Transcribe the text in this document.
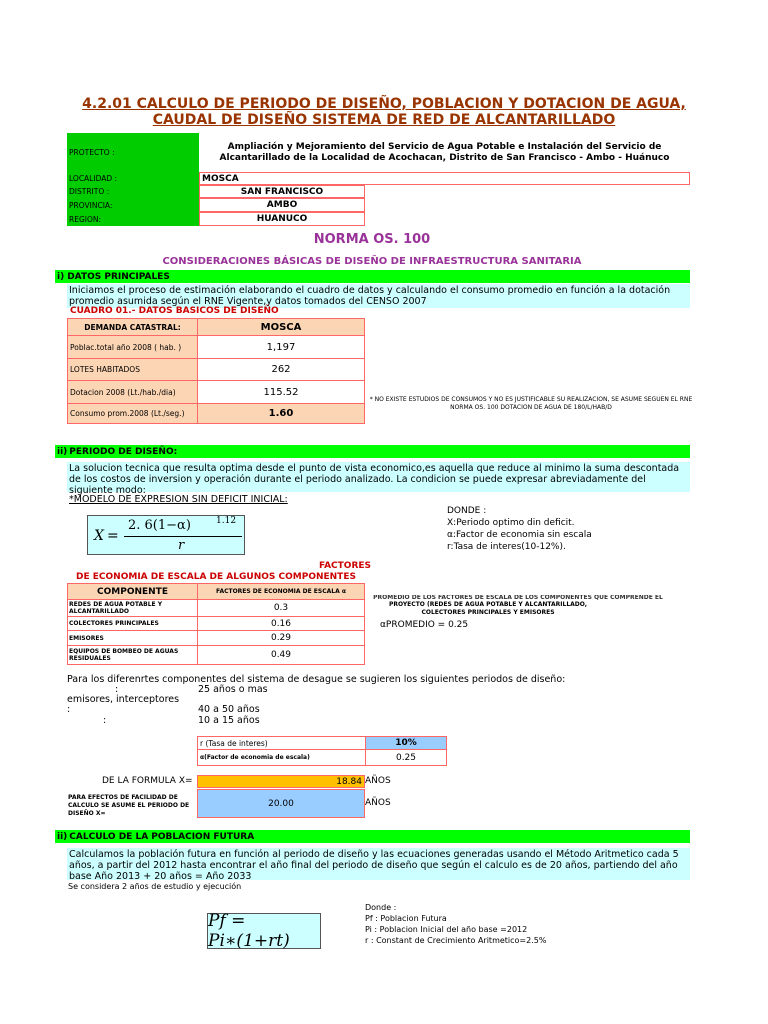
4.2.01 CALCULO DE PERIODO DE DISEÑO, POBLACION Y DOTACION DE AGUA,
CAUDAL DE DISEÑO SISTEMA DE RED DE ALCANTARILLADO
PROTECTO :
Ampliación y Mejoramiento del Servicio de Agua Potable e Instalación del Servicio de Alcantarillado de la Localidad de Acochacan, Distrito de San Francisco - Ambo - Huánuco
LOCALIDAD :	MOSCA
DISTRITO :	SAN FRANCISCO
PROVINCIA:	AMBO
REGION:	HUANUCO
NORMA OS. 100
CONSIDERACIONES BÁSICAS DE DISEÑO DE INFRAESTRUCTURA SANITARIA
i) DATOS PRINCIPALES
Iniciamos el proceso de estimación elaborando el cuadro de datos y calculando el consumo promedio en función a la dotación promedio asumida según el RNE Vigente,y datos tomados del CENSO 2007
CUADRO 01.- DATOS BASICOS DE DISEÑO
DEMANDA CATASTRAL:	MOSCA
Poblac.total año 2008 ( hab. )	1,197
LOTES HABITADOS	262
Dotacion 2008 (Lt./hab./dia)	115.52
Consumo prom.2008 (Lt./seg.)	1.60
* NO EXISTE ESTUDIOS DE CONSUMOS Y NO ES JUSTIFICABLE SU REALIZACION, SE ASUME SEGUEN EL RNE NORMA OS. 100 DOTACION DE AGUA DE 180/L/HAB/D
ii) PERIODO DE DISEÑO:
La solucion tecnica que resulta optima desde el punto de vista economico,es aquella que reduce al minimo la suma descontada de los costos de inversion y operación durante el periodo analizado. La condicion se puede expresar abreviadamente del siguiente modo:
*MODELO DE EXPRESION SIN DEFICIT INICIAL:
X =
2. 6(1−α)	1.12
r
DONDE :
X:Periodo optimo din deficit.
α:Factor de economia sin escala
r:Tasa de interes(10-12%).
FACTORES
DE ECONOMIA DE ESCALA DE ALGUNOS COMPONENTES
COMPONENTE	FACTORES DE ECONOMIA DE ESCALA α
REDES DE AGUA POTABLE Y ALCANTARILLADO	0.3
COLECTORES PRINCIPALES	0.16
EMISORES	0.29
EQUIPOS DE BOMBEO DE AGUAS RESIDUALES	0.49
PROMEDIO DE LOS FACTORES DE ESCALA DE LOS COMPONENTES QUE COMPRENDE EL
PROYECTO (REDES DE AGUA POTABLE Y ALCANTARILLADO, COLECTORES PRINCIPALES Y EMISORES
αPROMEDIO = 0.25
Para los diferenrtes componentes del sistema de desague se sugieren los siguientes periodos de diseño:
:	25 años o mas
emisores, interceptores
:	40 a 50 años
:	10 a 15 años
r (Tasa de interes)	10%
α(Factor de economia de escala)	0.25
DE LA FORMULA X=	18.84 AÑOS
PARA EFECTOS DE FACILIDAD DE CALCULO SE ASUME EL PERIODO DE DISEÑO X=
20.00	AÑOS
ii) CALCULO DE LA POBLACION FUTURA
Calculamos la población futura en función al periodo de diseño y las ecuaciones generadas usando el Método Aritmetico cada 5 años, a partir del 2012 hasta encontrar el año final del periodo de diseño que según el calculo es de 20 años, partiendo del año base Año 2013 + 20 años = Año 2033
Se considera 2 años de estudio y ejecución
Pf = Pi∗(1+rt)
Donde :
Pf : Poblacion Futura
Pi : Poblacion Inicial del año base =2012
r : Constant de Crecimiento Aritmetico=2.5%
